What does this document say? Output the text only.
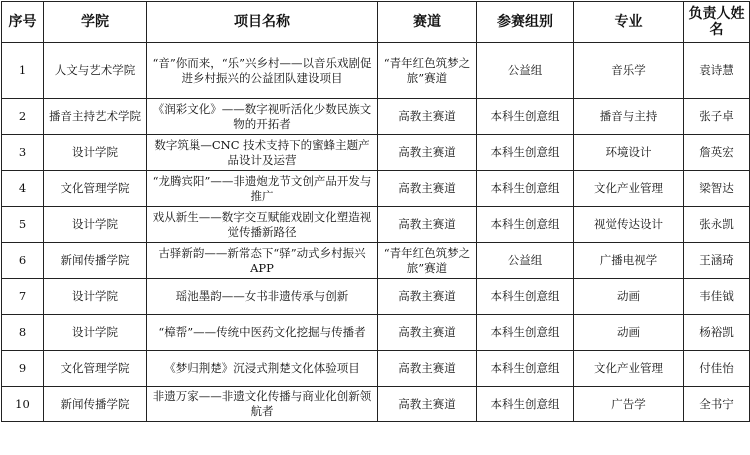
序号	学院	项目名称	赛道	参赛组别	专业	负责人姓名
1	人文与艺术学院	“音”你而来，“乐”兴乡村——以音乐戏剧促进乡村振兴的公益团队建设项目	“青年红色筑梦之旅”赛道	公益组	音乐学	袁诗慧
2	播音主持艺术学院	《润彩文化》——数字视听活化少数民族文物的开拓者	高教主赛道	本科生创意组	播音与主持	张子卓
3	设计学院	数字筑巢—CNC 技术支持下的蜜蜂主题产品设计及运营	高教主赛道	本科生创意组	环境设计	詹英宏
4	文化管理学院	“龙腾宾阳”——非遗炮龙节文创产品开发与推广	高教主赛道	本科生创意组	文化产业管理	梁智达
5	设计学院	戏从新生——数字交互赋能戏剧文化塑造视觉传播新路径	高教主赛道	本科生创意组	视觉传达设计	张永凯
6	新闻传播学院	古驿新韵——新常态下“驿”动式乡村振兴APP	“青年红色筑梦之旅”赛道	公益组	广播电视学	王涵琦
7	设计学院	瑶池墨韵——女书非遗传承与创新	高教主赛道	本科生创意组	动画	韦佳钺
8	设计学院	“樟帮”——传统中医药文化挖掘与传播者	高教主赛道	本科生创意组	动画	杨裕凯
9	文化管理学院	《梦归荆楚》沉浸式荆楚文化体验项目	高教主赛道	本科生创意组	文化产业管理	付佳怡
10	新闻传播学院	非遗万家——非遗文化传播与商业化创新领航者	高教主赛道	本科生创意组	广告学	全书宁
